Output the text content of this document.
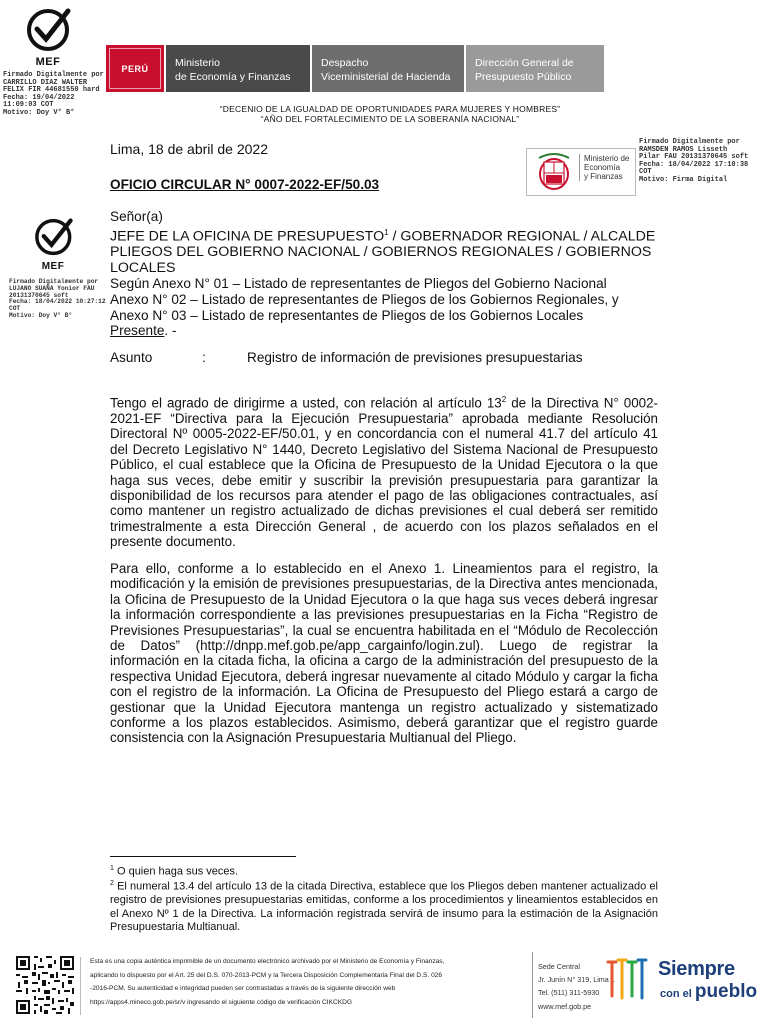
MEF
Firmado Digitalmente por
CARRILLO DIAZ WALTER
FELIX FIR 44681550 hard
Fecha: 19/04/2022
11:09:03 COT
Motivo: Doy V° B°
PERÚ	Ministerio
de Economía y Finanzas
Despacho
Viceministerial de Hacienda
Dirección General de
Presupuesto Público
“DECENIO DE LA IGUALDAD DE OPORTUNIDADES PARA MUJERES Y HOMBRES”
“AÑO DEL FORTALECIMIENTO DE LA SOBERANÍA NACIONAL”
Ministerio de
Economía
y Finanzas
Firmado Digitalmente por
RAMSDEN RAMOS Lisseth
Pilar FAU 20131370645 soft
Fecha: 18/04/2022 17:10:38
COT
Motivo: Firma Digital
MEF
Firmado Digitalmente por
LUJANO SUAÑA Yonior FAU
20131370645 soft
Fecha: 18/04/2022 10:27:12
COT
Motivo: Doy V° B°
Lima, 18 de abril de 2022
OFICIO CIRCULAR N° 0007-2022-EF/50.03
Señor(a)
JEFE DE LA OFICINA DE PRESUPUESTO$^1$ / GOBERNADOR REGIONAL / ALCALDE
PLIEGOS DEL GOBIERNO NACIONAL / GOBIERNOS REGIONALES / GOBIERNOS
LOCALES
Según Anexo N° 01 – Listado de representantes de Pliegos del Gobierno Nacional
Anexo N° 02 – Listado de representantes de Pliegos de los Gobiernos Regionales, y
Anexo N° 03 – Listado de representantes de Pliegos de los Gobiernos Locales
Presente. -
Asunto	:	Registro de información de previsiones presupuestarias
Tengo el agrado de dirigirme a usted, con relación al artículo $13^2$ de la Directiva N° 0002-2021-EF “Directiva para la Ejecución Presupuestaria” aprobada mediante Resolución Directoral Nº 0005-2022-EF/50.01, y en concordancia con el numeral 41.7 del artículo 41 del Decreto Legislativo N° 1440, Decreto Legislativo del Sistema Nacional de Presupuesto Público, el cual establece que la Oficina de Presupuesto de la Unidad Ejecutora o la que haga sus veces, debe emitir y suscribir la previsión presupuestaria para garantizar la disponibilidad de los recursos para atender el pago de las obligaciones contractuales, así como mantener un registro actualizado de dichas previsiones el cual deberá ser remitido trimestralmente a esta Dirección General , de acuerdo con los plazos señalados en el presente documento.
Para ello, conforme a lo establecido en el Anexo 1. Lineamientos para el registro, la modificación y la emisión de previsiones presupuestarias, de la Directiva antes mencionada, la Oficina de Presupuesto de la Unidad Ejecutora o la que haga sus veces deberá ingresar la información correspondiente a las previsiones presupuestarias en la Ficha “Registro de Previsiones Presupuestarias”, la cual se encuentra habilitada en el “Módulo de Recolección de Datos” (http://dnpp.mef.gob.pe/app_cargainfo/login.zul). Luego de registrar la información en la citada ficha, la oficina a cargo de la administración del presupuesto de la respectiva Unidad Ejecutora, deberá ingresar nuevamente al citado Módulo y cargar la ficha con el registro de la información. La Oficina de Presupuesto del Pliego estará a cargo de gestionar que la Unidad Ejecutora mantenga un registro actualizado y sistematizado conforme a los plazos establecidos. Asimismo, deberá garantizar que el registro guarde consistencia con la Asignación Presupuestaria Multianual del Pliego.
$^1$ O quien haga sus veces.
$^2$ El numeral 13.4 del artículo 13 de la citada Directiva, establece que los Pliegos deben mantener actualizado el registro de previsiones presupuestarias emitidas, conforme a los procedimientos y lineamientos establecidos en el Anexo Nº 1 de la Directiva. La información registrada servirá de insumo para la estimación de la Asignación Presupuestaria Multianual.
Esta es una copia auténtica imprimible de un documento electrónico archivado por el Ministerio de Economía y Finanzas,
aplicando lo dispuesto por el Art. 25 del D.S. 070-2013-PCM y la Tercera Disposición Complementaria Final del D.S. 026
-2016-PCM. Su autenticidad e integridad pueden ser contrastadas a través de la siguiente dirección web
https://apps4.mineco.gob.pe/sr/v ingresando el siguiente código de verificación CIKCKDG
Sede Central
Jr. Junín N° 319, Lima 1
Tel. (511) 311-5930
www.mef.gob.pe
Siempre
con el pueblo
